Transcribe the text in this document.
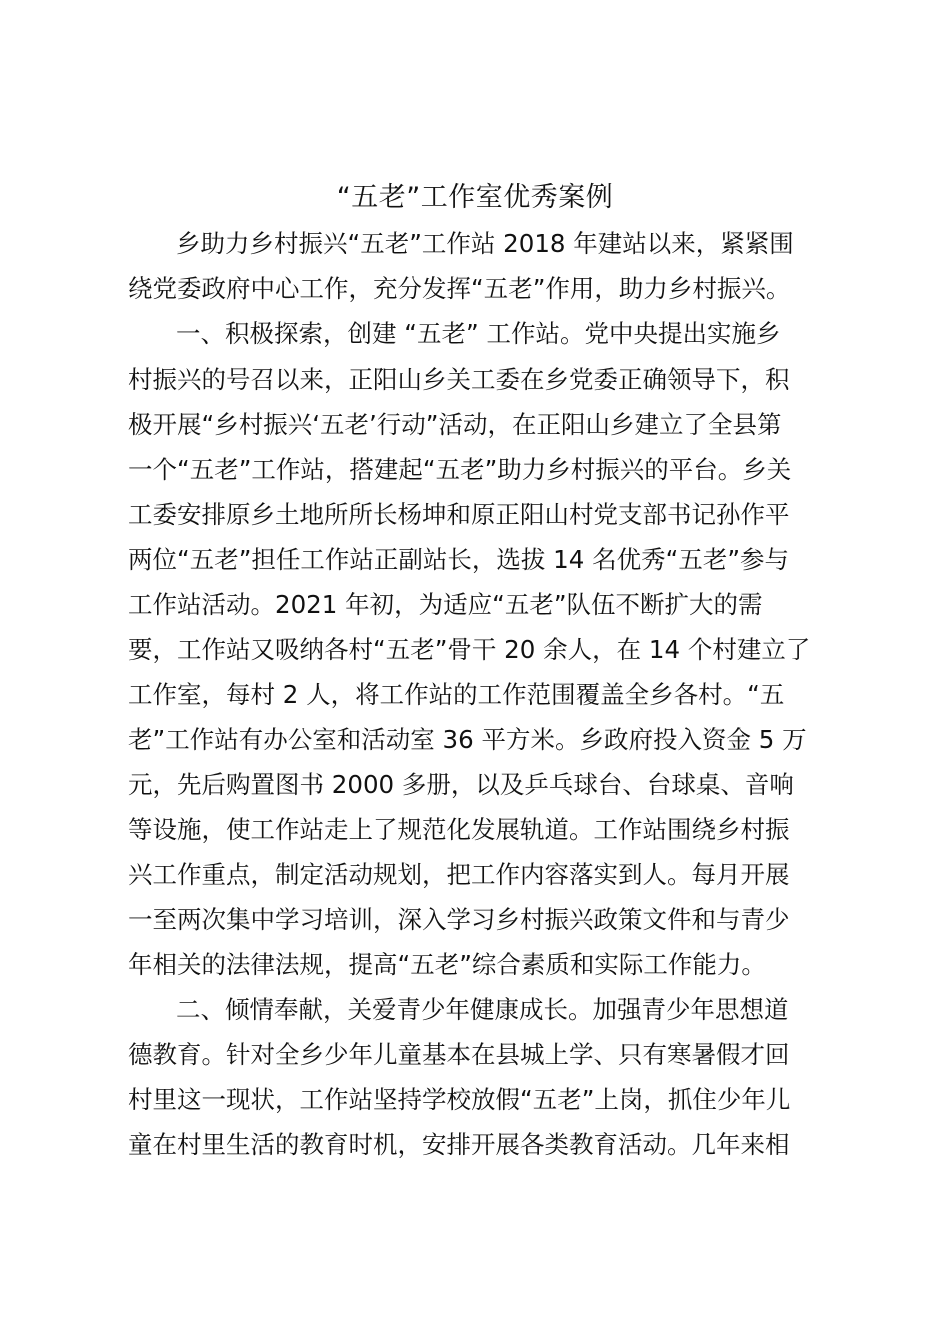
“五老”工作室优秀案例
乡助力乡村振兴“五老”工作站 2018 年建站以来，紧紧围
绕党委政府中心工作，充分发挥“五老”作用，助力乡村振兴。
一、积极探索，创建 “五老” 工作站。党中央提出实施乡
村振兴的号召以来，正阳山乡关工委在乡党委正确领导下，积
极开展“乡村振兴‘五老’行动”活动，在正阳山乡建立了全县第
一个“五老”工作站，搭建起“五老”助力乡村振兴的平台。乡关
工委安排原乡土地所所长杨坤和原正阳山村党支部书记孙作平
两位“五老”担任工作站正副站长，选拔 14 名优秀“五老”参与
工作站活动。2021 年初，为适应“五老”队伍不断扩大的需
要，工作站又吸纳各村“五老”骨干 20 余人，在 14 个村建立了
工作室，每村 2 人，将工作站的工作范围覆盖全乡各村。“五
老”工作站有办公室和活动室 36 平方米。乡政府投入资金 5 万
元，先后购置图书 2000 多册，以及乒乓球台、台球桌、音响
等设施，使工作站走上了规范化发展轨道。工作站围绕乡村振
兴工作重点，制定活动规划，把工作内容落实到人。每月开展
一至两次集中学习培训，深入学习乡村振兴政策文件和与青少
年相关的法律法规，提高“五老”综合素质和实际工作能力。
二、倾情奉献，关爱青少年健康成长。加强青少年思想道
德教育。针对全乡少年儿童基本在县城上学、只有寒暑假才回
村里这一现状，工作站坚持学校放假“五老”上岗，抓住少年儿
童在村里生活的教育时机，安排开展各类教育活动。几年来相
